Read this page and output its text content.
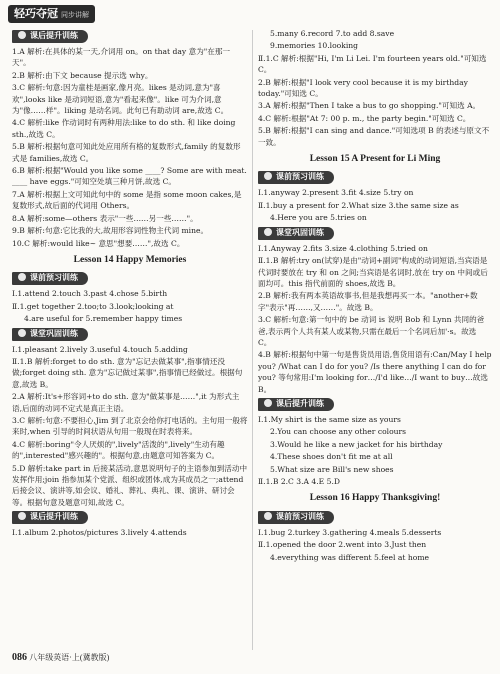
轻巧夺冠 同步讲解
课后提升训练

1.A 解析:在具体的某一天,介词用 on。on that day 意为"在那一天"。

2.B 解析:由下文 because 提示选 why。

3.C 解析:句意:因为童桂是画家,像月亮。likes 是动词,意为"喜欢",looks like 是动词短语,意为"看起来像"。like 可为介词,意为"像……样"。liking 是动名词。此句已有助动词 are,故选 C。

4.C 解析:like 作动词时有两种用法:like to do sth. 和 like doing sth.,故选 C。

5.B 解析:根据句意可知此处应用所有格的复数形式,family 的复数形式是 families,故选 C。

6.B 解析:根据"Would you like some ____? Some are with meat. ____ have eggs."可知空处填三种月饼,故选 C。

7.A 解析:根据上文可知此句中的 some 是指 some moon cakes,是复数形式,故后面的代词用 Others。

8.A 解析:some—others 表示"一些……另一些……"。

9.B 解析:句意:它比我的大,故用形容词性物主代词 mine。

10.C 解析:would like~ 意思"想要……",故选 C。

Lesson 14 Happy Memories
课前预习训练

Ⅰ.1.attend 2.touch 3.past 4.chose 5.birth

Ⅱ.1.get together 2.too;to 3.look;looking at

4.are useful for 5.remember happy times

课堂巩固训练

Ⅰ.1.pleasant 2.lively 3.useful 4.touch 5.adding

Ⅱ.1.B 解析:forget to do sth. 意为"忘记去做某事",指事情还没做;forget doing sth. 意为"忘记做过某事",指事情已经做过。根据句意,故选 B。

2.A 解析:It's+形容词+to do sth. 意为"做某事是……",it 为形式主语,后面的动词不定式是真正主语。

3.C 解析:句意:不要担心,Jim 到了北京会给你打电话的。主句用一般将来时,when 引导的时间状语从句用一般现在时表将来。

4.C 解析:boring"令人厌烦的",lively"活泼的",lively"生动有趣的",interested"感兴趣的"。根据句意,由题意可知答案为 C。

5.D 解析:take part in 后接某活动,意思说明句子的主语参加到活动中发挥作用;join 指参加某个党派、组织或团体,成为其成员之一;attend 后接会议、演讲等,如会议、婚礼、葬礼、典礼、课、演讲、研讨会等。根据句意及题意可知,故选 C。

课后提升训练

Ⅰ.1.album 2.photos/pictures 3.lively 4.attends

5.many 6.record 7.to add 8.save

9.memories 10.looking

Ⅱ.1.C 解析:根据"Hi, I'm Li Lei. I'm fourteen years old."可知选 C。

2.B 解析:根据"I look very cool because it is my birthday today."可知选 C。

3.A 解析:根据"Then I take a bus to go shopping."可知选 A。

4.C 解析:根据"At 7: 00 p. m., the party begin."可知选 C。

5.B 解析:根据"I can sing and dance."可知选项 B 的表述与原文不一致。

Lesson 15 A Present for Li Ming
课前预习训练

Ⅰ.1.anyway 2.present 3.fit 4.size 5.try on

Ⅱ.1.buy a present for 2.What size 3.the same size as

4.Here you are 5.tries on

课堂巩固训练

Ⅰ.1.Anyway 2.fits 3.size 4.clothing 5.tried on

Ⅱ.1.B 解析:try on(试穿)是由"动词+副词"构成的动词短语,当宾语是代词时要放在 try 和 on 之间;当宾语是名词时,放在 try on 中间或后面均可。this 指代前面的 shoes,故选 B。

2.B 解析:我有两本英语故事书,但是我想再买一本。"another+数字"表示"再……,又……"。故选 B。

3.C 解析:句意:第一句中的 be 动词 is 说明 Bob 和 Lynn 共同的爸爸,表示两个人共有某人或某物,只需在最后一个名词后加'·s。故选 C。

4.B 解析:根据句中第一句是售货员用语,售货用语有:Can/May I help you? /What can I do for you? /Is there anything I can do for you? 等句常用:I'm looking for…/I'd like…/I want to buy…故选 B。

课后提升训练

Ⅰ.1.My shirt is the same size as yours

2.You can choose any other colours

3.Would he like a new jacket for his birthday

4.These shoes don't fit me at all

5.What size are Bill's new shoes

Ⅱ.1.B 2.C 3.A 4.E 5.D

Lesson 16 Happy Thanksgiving!
课前预习训练

Ⅰ.1.bug 2.turkey 3.gathering 4.meals 5.desserts

Ⅱ.1.opened the door 2.went into 3.Just then

4.everything was different 5.feel at home

086 八年级英语·上(冀教版)
